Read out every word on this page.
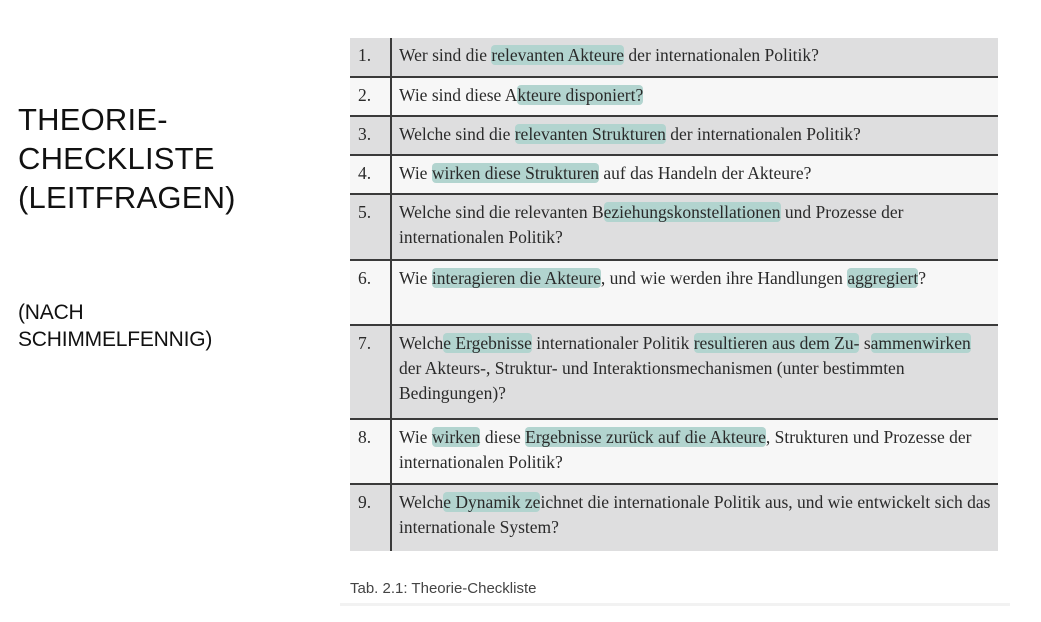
THEORIE-
CHECKLISTE
(LEITFRAGEN)
(NACH
SCHIMMELFENNIG)
1.	Wer sind die relevanten Akteure der internationalen Politik?
2.	Wie sind diese Akteure disponiert?
3.	Welche sind die relevanten Strukturen der internationalen Politik?
4.	Wie wirken diese Strukturen auf das Handeln der Akteure?
5.	Welche sind die relevanten Beziehungskonstellationen und Prozesse der internationalen Politik?
6.	Wie interagieren die Akteure, und wie werden ihre Handlungen aggregiert?
7.	Welche Ergebnisse internationaler Politik resultieren aus dem Zu- sammenwirken der Akteurs-, Struktur- und Interaktionsmechanismen (unter bestimmten Bedingungen)?
8.	Wie wirken diese Ergebnisse zurück auf die Akteure, Strukturen und Prozesse der internationalen Politik?
9.	Welche Dynamik zeichnet die internationale Politik aus, und wie entwickelt sich das internationale System?
Tab. 2.1: Theorie-Checkliste
